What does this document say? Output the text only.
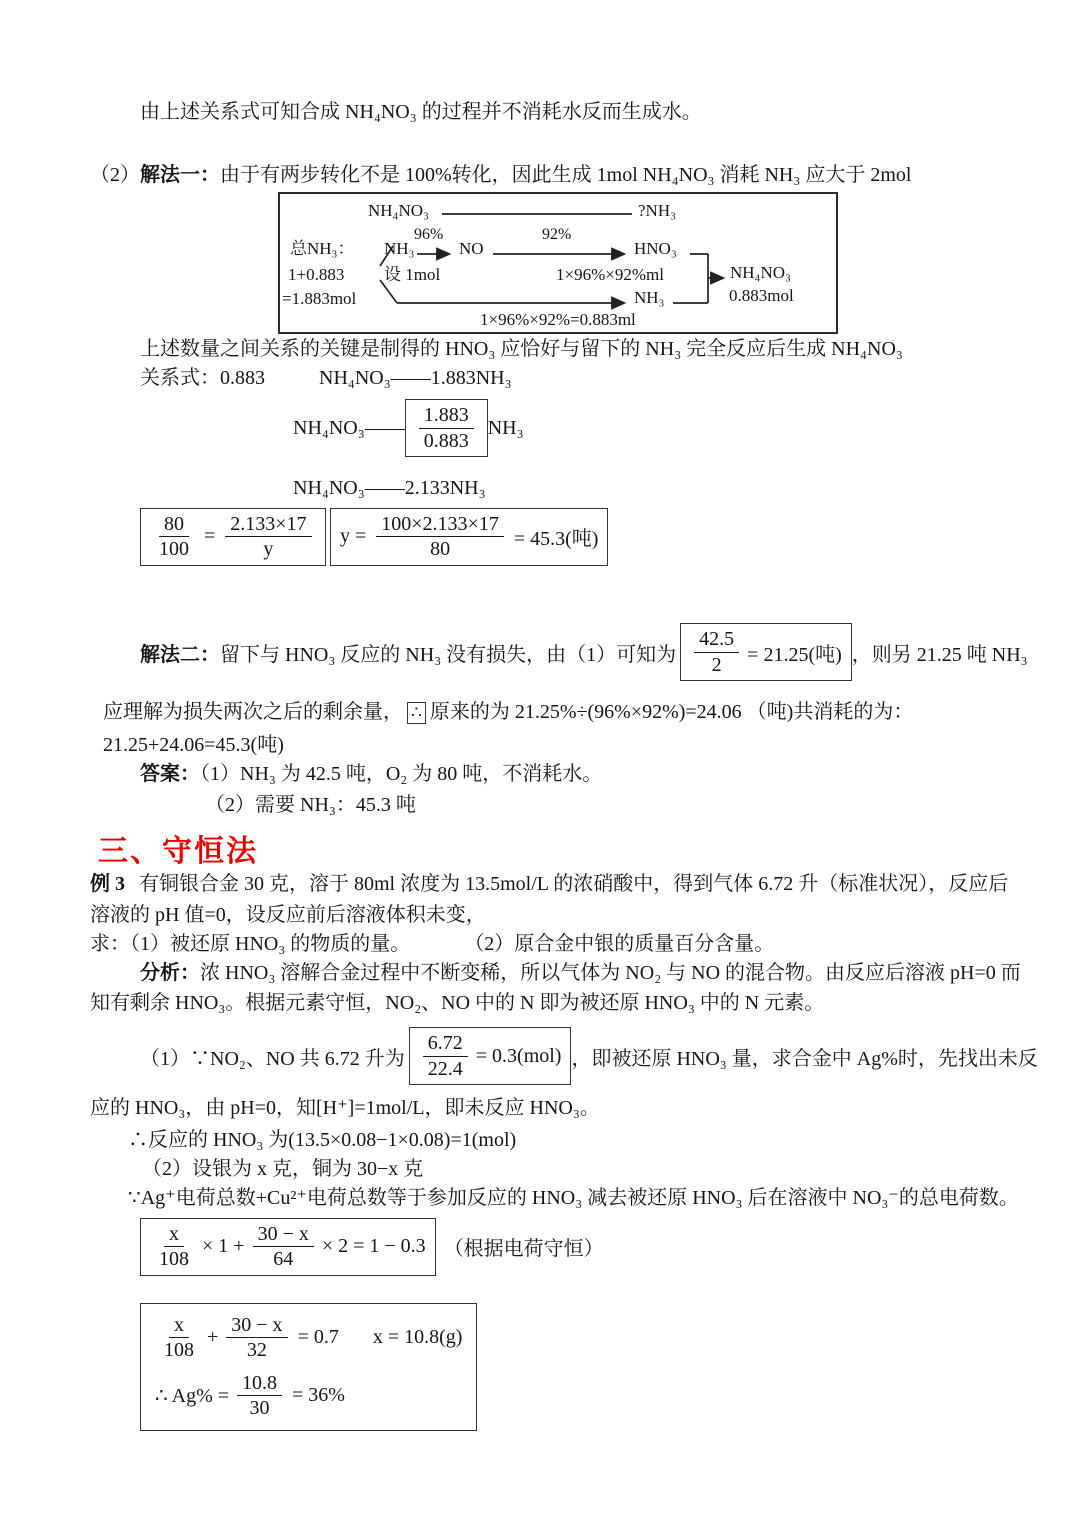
由上述关系式可知合成 NH₄NO₃ 的过程并不消耗水反而生成水。
（2）解法一：由于有两步转化不是 100%转化，因此生成 1mol NH₄NO₃ 消耗 NH₃ 应大于 2mol
NH₄NO₃	?NH₃
总NH₃： NH₃
96%
NO
92%
HNO₃
1+0.883 设 1mol	1×96%×92%ml
=1.883mol	NH₃
NH₄NO₃
0.883mol
1×96%×92%=0.883ml
上述数量之间关系的关键是制得的 HNO₃ 应恰好与留下的 NH₃ 完全反应后生成 NH₄NO₃
关系式：0.883	NH₄NO₃——1.883NH₃
NH₄NO₃—— $\frac{1.883}{0.883} NH_3$
NH₄NO₃——2.133NH₃
$\frac{80}{100} = \frac{2.133\times 17}{y}$ $y = \frac{100\times 2.133\times 17}{80} = 45.3$(吨)
解法二： 留下与 HNO₃ 反应的 NH₃ 没有损失，由（1）可知为 $\frac{42.5}{2} = 21.25$(吨) ，则另 21.25 吨 NH₃
应理解为损失两次之后的剩余量， ∴ 原来的为 21.25%÷(96%×92%)=24.06 （吨)共消耗的为：
21.25+24.06=45.3(吨)
答案：（1）NH₃ 为 42.5 吨，O₂ 为 80 吨，不消耗水。
（2）需要 NH₃：45.3 吨
三、守恒法
例 3 有铜银合金 30 克，溶于 80ml 浓度为 13.5mol/L 的浓硝酸中，得到气体 6.72 升（标准状况），反应后
溶液的 pH 值=0，设反应前后溶液体积未变，
求：（1）被还原 HNO₃ 的物质的量。	（2）原合金中银的质量百分含量。
分析：浓 HNO₃ 溶解合金过程中不断变稀，所以气体为 NO₂ 与 NO 的混合物。由反应后溶液 pH=0 而
知有剩余 HNO₃。根据元素守恒，NO₂、NO 中的 N 即为被还原 HNO₃ 中的 N 元素。
（1）∵NO₂、NO 共 6.72 升为 $\frac{6.72}{22.4} = 0.3(mol)$ ，即被还原 HNO₃ 量，求合金中 Ag%时，先找出未反
应的 HNO₃，由 pH=0，知[H⁺]=1mol/L，即未反应 HNO₃。
∴反应的 HNO₃ 为(13.5×0.08−1×0.08)=1(mol)
（2）设银为 x 克，铜为 30−x 克
∵Ag⁺电荷总数+Cu²⁺电荷总数等于参加反应的 HNO₃ 减去被还原 HNO₃ 后在溶液中 NO₃⁻的总电荷数。
$\frac{x}{108} \times 1 + \frac{30 - x}{64} \times 2 = 1 - 0.3$ （根据电荷守恒）
$\frac{x}{108} + \frac{30 - x}{32} = 0.7$ x = 10.8(g)
∴ $Ag\% = \frac{10.8}{30} = 36\%$
